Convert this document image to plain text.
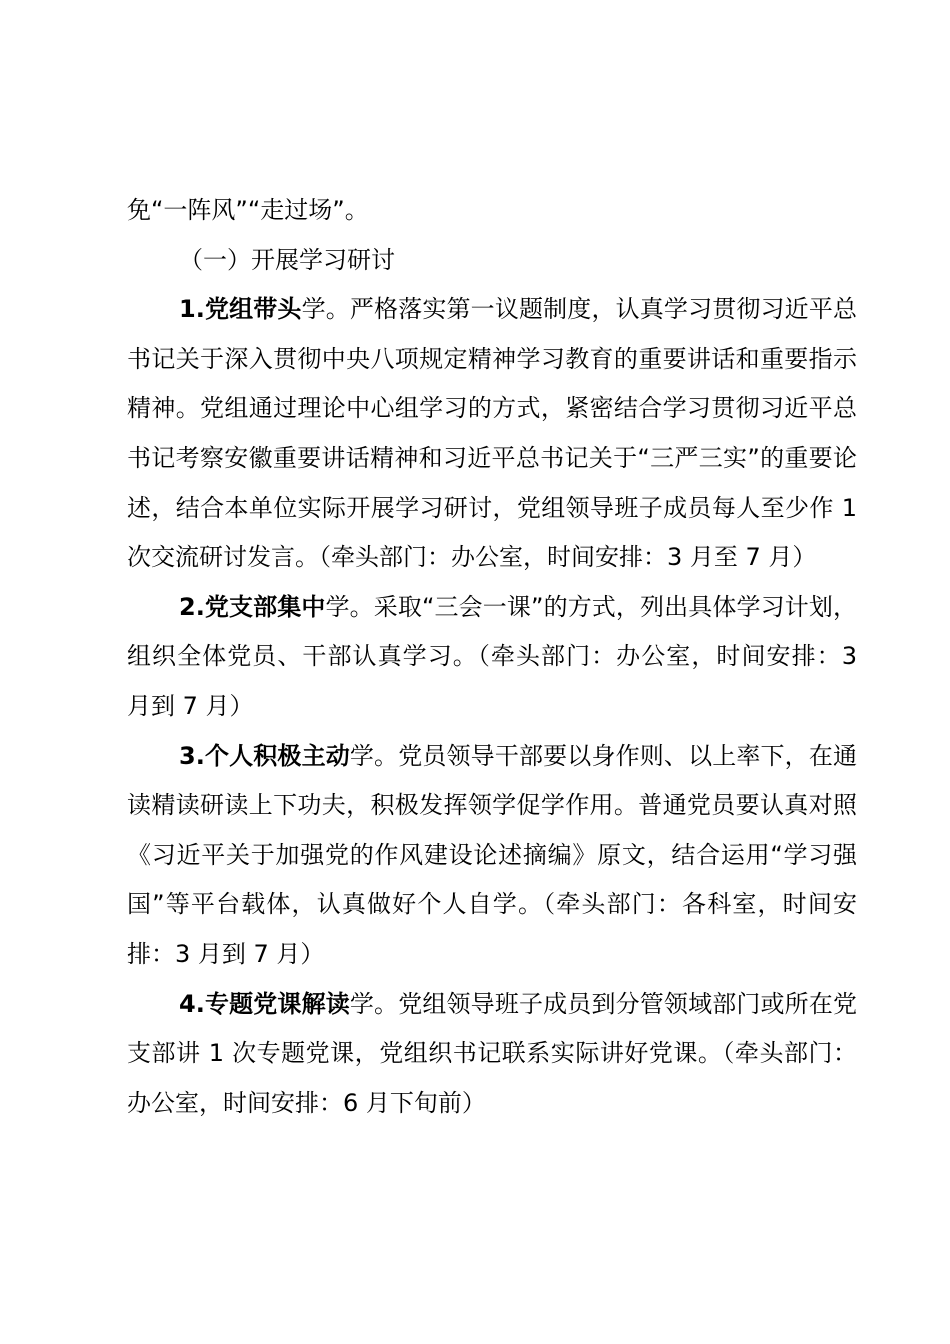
免“一阵风”“走过场”。

（一）开展学习研讨

1.党组带头学。严格落实第一议题制度，认真学习贯彻习近平总书记关于深入贯彻中央八项规定精神学习教育的重要讲话和重要指示精神。党组通过理论中心组学习的方式，紧密结合学习贯彻习近平总书记考察安徽重要讲话精神和习近平总书记关于“三严三实”的重要论述，结合本单位实际开展学习研讨，党组领导班子成员每人至少作 1 次交流研讨发言。（牵头部门：办公室，时间安排：3 月至 7 月）

2.党支部集中学。采取“三会一课”的方式，列出具体学习计划，组织全体党员、干部认真学习。（牵头部门：办公室，时间安排：3 月到 7 月）

3.个人积极主动学。党员领导干部要以身作则、以上率下，在通读精读研读上下功夫，积极发挥领学促学作用。普通党员要认真对照《习近平关于加强党的作风建设论述摘编》原文，结合运用“学习强国”等平台载体，认真做好个人自学。（牵头部门：各科室，时间安排：3 月到 7 月）

4.专题党课解读学。党组领导班子成员到分管领域部门或所在党支部讲 1 次专题党课，党组织书记联系实际讲好党课。（牵头部门：办公室，时间安排：6 月下旬前）
